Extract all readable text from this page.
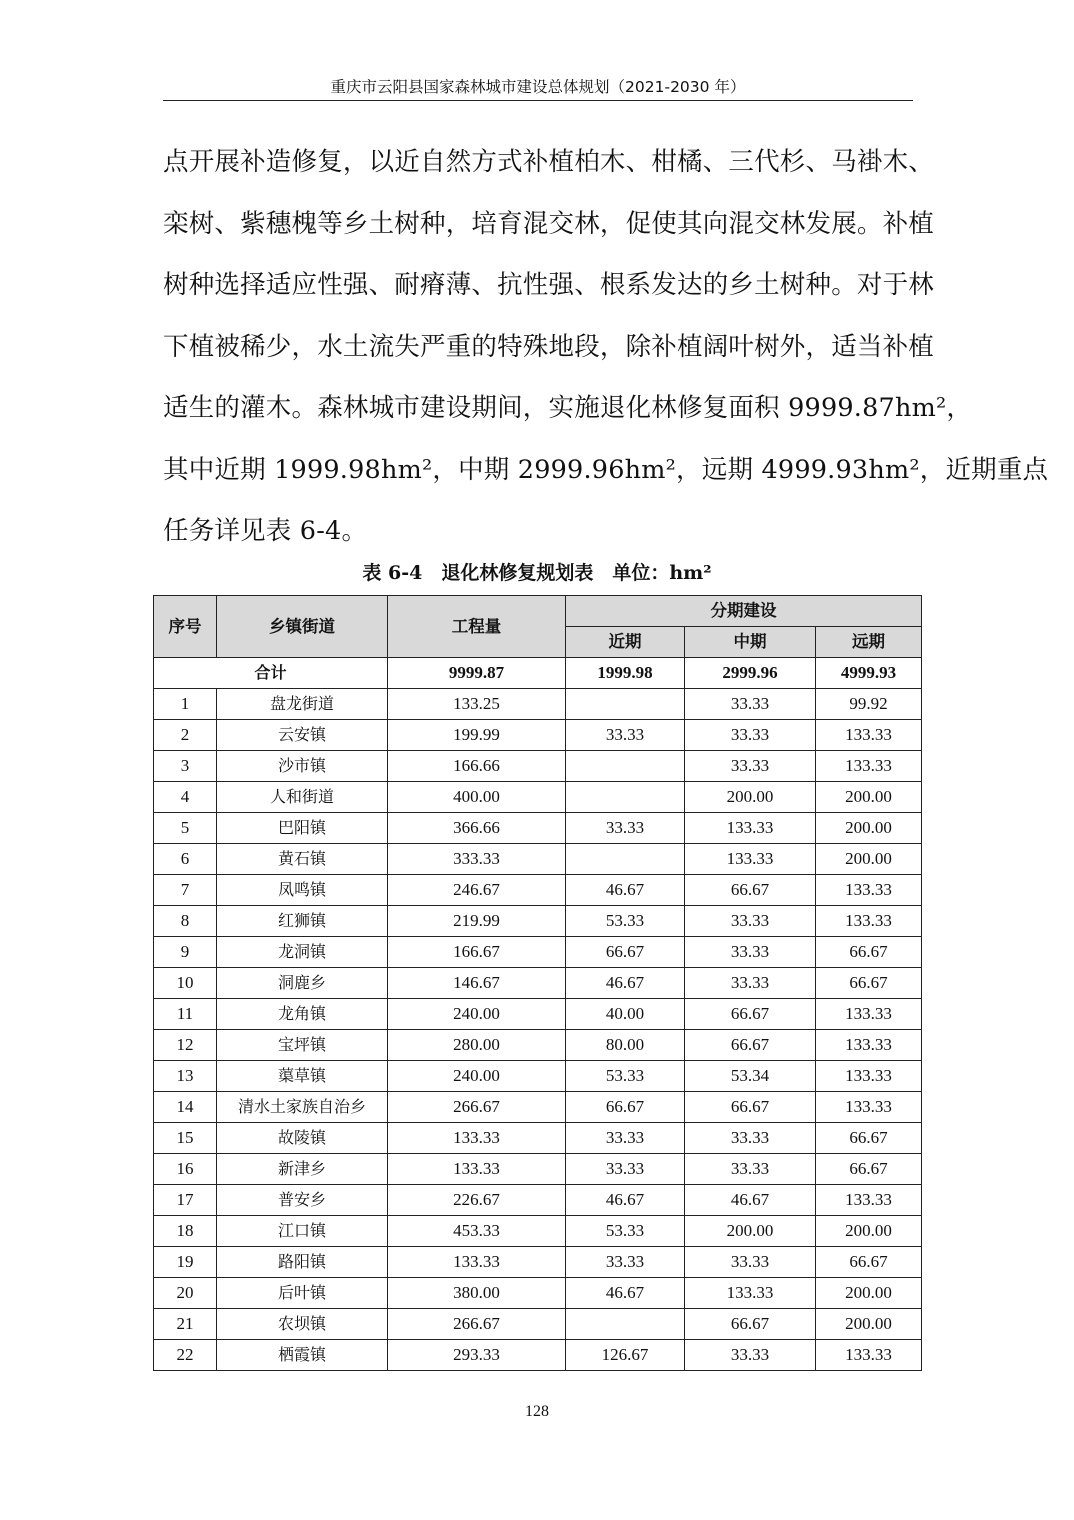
重庆市云阳县国家森林城市建设总体规划（2021-2030 年）

点开展补造修复，以近自然方式补植柏木、柑橘、三代杉、马褂木、

栾树、紫穗槐等乡土树种，培育混交林，促使其向混交林发展。补植

树种选择适应性强、耐瘠薄、抗性强、根系发达的乡土树种。对于林

下植被稀少，水土流失严重的特殊地段，除补植阔叶树外，适当补植

适生的灌木。森林城市建设期间，实施退化林修复面积 9999.87hm²，

其中近期 1999.98hm²，中期 2999.96hm²，远期 4999.93hm²，近期重点

任务详见表 6-4。

表 6-4　退化林修复规划表　单位：hm²
序号	乡镇街道	工程量	分期建设		
			近期	中期	远期
合计		9999.87	1999.98	2999.96	4999.93
1	盘龙街道	133.25		33.33	99.92
2	云安镇	199.99	33.33	33.33	133.33
3	沙市镇	166.66		33.33	133.33
4	人和街道	400.00		200.00	200.00
5	巴阳镇	366.66	33.33	133.33	200.00
6	黄石镇	333.33		133.33	200.00
7	凤鸣镇	246.67	46.67	66.67	133.33
8	红狮镇	219.99	53.33	33.33	133.33
9	龙洞镇	166.67	66.67	33.33	66.67
10	洞鹿乡	146.67	46.67	33.33	66.67
11	龙角镇	240.00	40.00	66.67	133.33
12	宝坪镇	280.00	80.00	66.67	133.33
13	蕖草镇	240.00	53.33	53.34	133.33
14	清水土家族自治乡	266.67	66.67	66.67	133.33
15	故陵镇	133.33	33.33	33.33	66.67
16	新津乡	133.33	33.33	33.33	66.67
17	普安乡	226.67	46.67	46.67	133.33
18	江口镇	453.33	53.33	200.00	200.00
19	路阳镇	133.33	33.33	33.33	66.67
20	后叶镇	380.00	46.67	133.33	200.00
21	农坝镇	266.67		66.67	200.00
22	栖霞镇	293.33	126.67	33.33	133.33
128
